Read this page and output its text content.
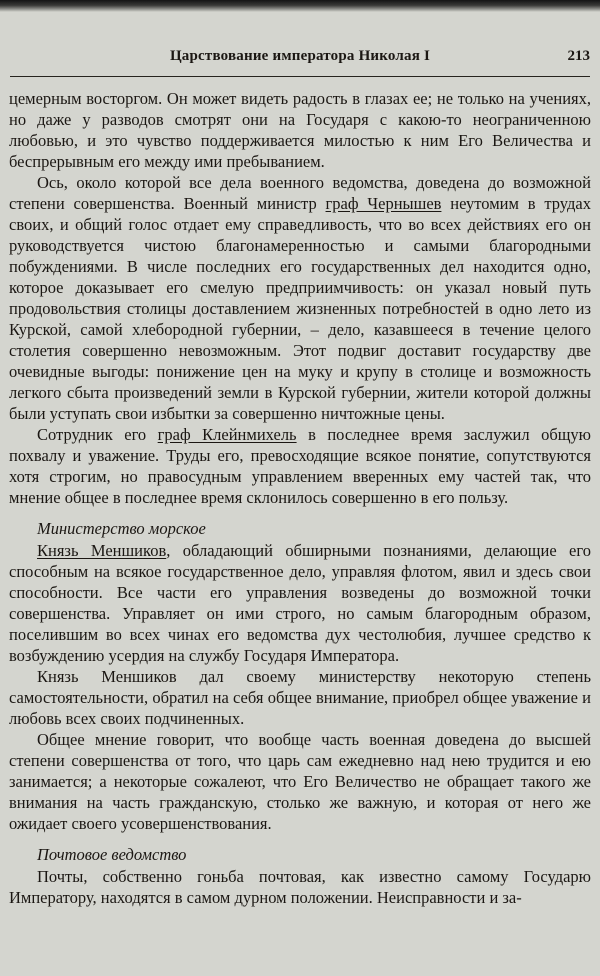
Царствование императора Николая I	213

цемерным восторгом. Он может видеть радость в глазах ее; не только на учениях, но даже у разводов смотрят они на Государя с какою-то неограниченною любовью, и это чувство поддерживается милостью к ним Его Величества и беспрерывным его между ими пребыванием.

Ось, около которой все дела военного ведомства, доведена до возможной степени совершенства. Военный министр граф Чернышев неутомим в трудах своих, и общий голос отдает ему справедливость, что во всех действиях его он руководствуется чистою благонамеренностью и самыми благородными побуждениями. В числе последних его государственных дел находится одно, которое доказывает его смелую предприимчивость: он указал новый путь продовольствия столицы доставлением жизненных потребностей в одно лето из Курской, самой хлебородной губернии, – дело, казавшееся в течение целого столетия совершенно невозможным. Этот подвиг доставит государству две очевидные выгоды: понижение цен на муку и крупу в столице и возможность легкого сбыта произведений земли в Курской губернии, жители которой должны были уступать свои избытки за совершенно ничтожные цены.

Сотрудник его граф Клейнмихель в последнее время заслужил общую похвалу и уважение. Труды его, превосходящие всякое понятие, сопутствуются хотя строгим, но правосудным управлением вверенных ему частей так, что мнение общее в последнее время склонилось совершенно в его пользу.

Министерство морское

Князь Меншиков, обладающий обширными познаниями, делающие его способным на всякое государственное дело, управляя флотом, явил и здесь свои способности. Все части его управления возведены до возможной точки совершенства. Управляет он ими строго, но самым благородным образом, поселившим во всех чинах его ведомства дух честолюбия, лучшее средство к возбуждению усердия на службу Государя Императора.

Князь Меншиков дал своему министерству некоторую степень самостоятельности, обратил на себя общее внимание, приобрел общее уважение и любовь всех своих подчиненных.

Общее мнение говорит, что вообще часть военная доведена до высшей степени совершенства от того, что царь сам ежедневно над нею трудится и ею занимается; а некоторые сожалеют, что Его Величество не обращает такого же внимания на часть гражданскую, столько же важную, и которая от него же ожидает своего усовершенствования.

Почтовое ведомство

Почты, собственно гоньба почтовая, как известно самому Государю Императору, находятся в самом дурном положении. Неисправности и за-
